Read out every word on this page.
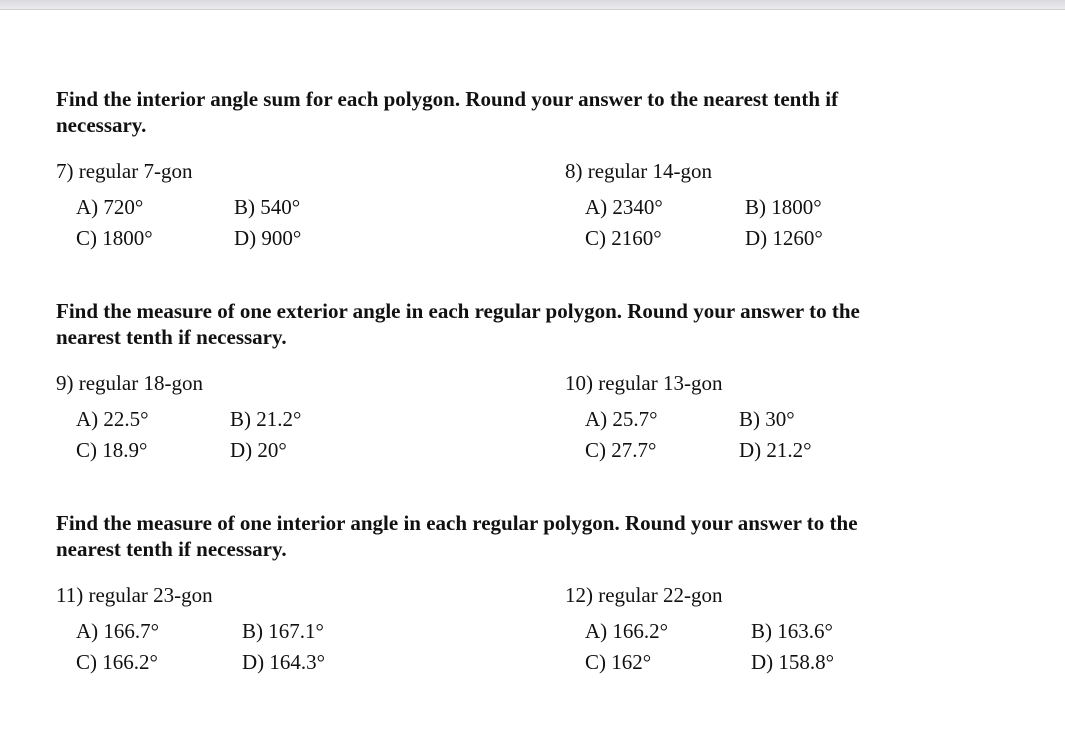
Find the interior angle sum for each polygon. Round your answer to the nearest tenth if
necessary.

7) regular 7-gon
A) 720°	B) 540°
C) 1800°	D) 900°
8) regular 14-gon
A) 2340°	B) 1800°
C) 2160°	D) 1260°

Find the measure of one exterior angle in each regular polygon. Round your answer to the
nearest tenth if necessary.

9) regular 18-gon
A) 22.5°	B) 21.2°
C) 18.9°	D) 20°
10) regular 13-gon
A) 25.7°	B) 30°
C) 27.7°	D) 21.2°

Find the measure of one interior angle in each regular polygon. Round your answer to the
nearest tenth if necessary.

11) regular 23-gon
A) 166.7°	B) 167.1°
C) 166.2°	D) 164.3°
12) regular 22-gon
A) 166.2°	B) 163.6°
C) 162°	D) 158.8°
